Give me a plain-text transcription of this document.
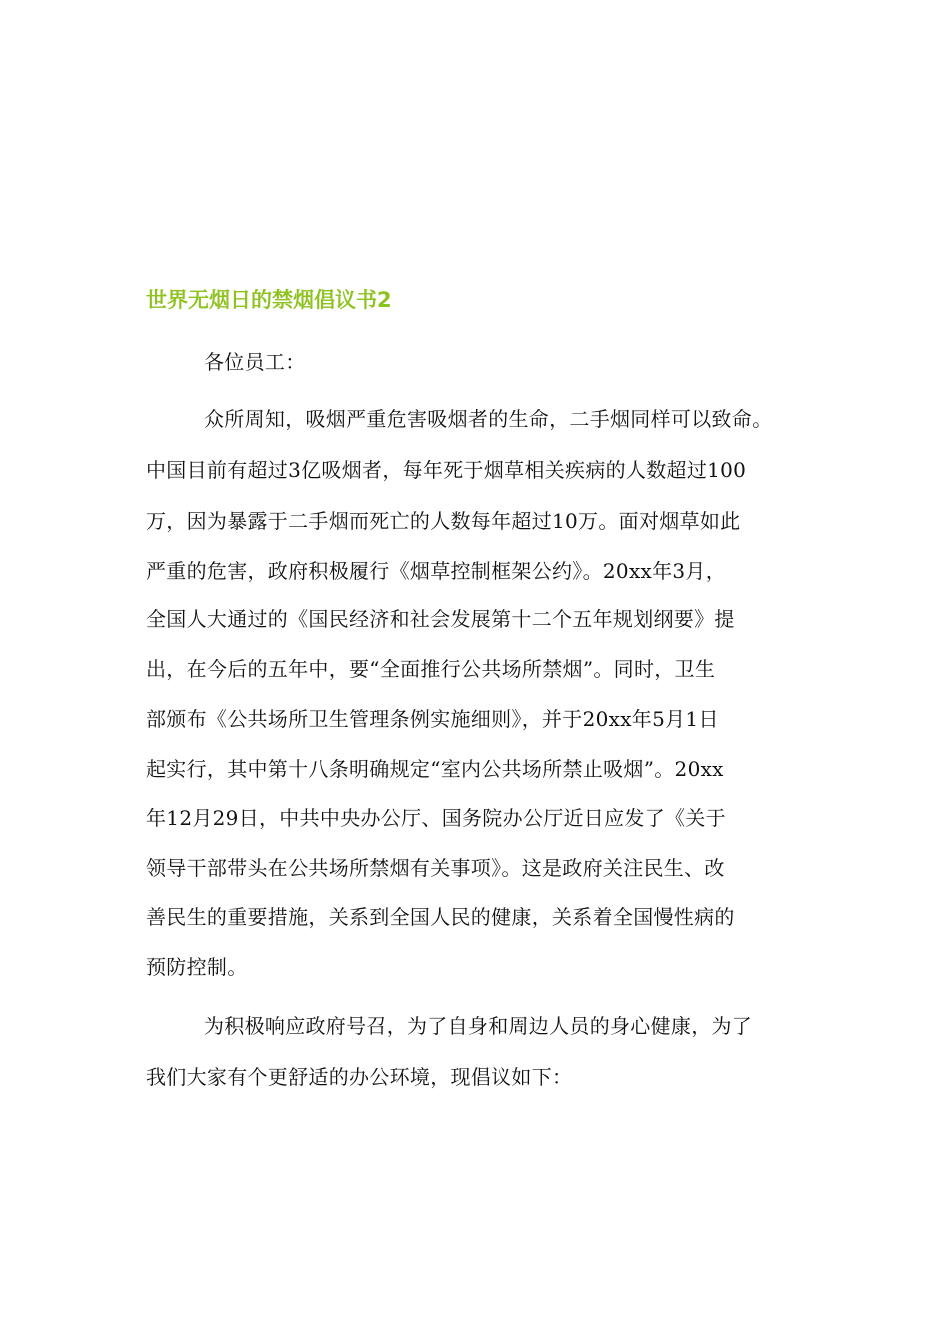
世界无烟日的禁烟倡议书2
各位员工：
众所周知，吸烟严重危害吸烟者的生命，二手烟同样可以致命。
中国目前有超过3亿吸烟者，每年死于烟草相关疾病的人数超过100
万，因为暴露于二手烟而死亡的人数每年超过10万。面对烟草如此
严重的危害，政府积极履行《烟草控制框架公约》。20xx年3月，
全国人大通过的《国民经济和社会发展第十二个五年规划纲要》提
出，在今后的五年中，要“全面推行公共场所禁烟”。同时，卫生
部颁布《公共场所卫生管理条例实施细则》，并于20xx年5月1日
起实行，其中第十八条明确规定“室内公共场所禁止吸烟”。20xx
年12月29日，中共中央办公厅、国务院办公厅近日应发了《关于
领导干部带头在公共场所禁烟有关事项》。这是政府关注民生、改
善民生的重要措施，关系到全国人民的健康，关系着全国慢性病的
预防控制。
为积极响应政府号召，为了自身和周边人员的身心健康，为了
我们大家有个更舒适的办公环境，现倡议如下：
